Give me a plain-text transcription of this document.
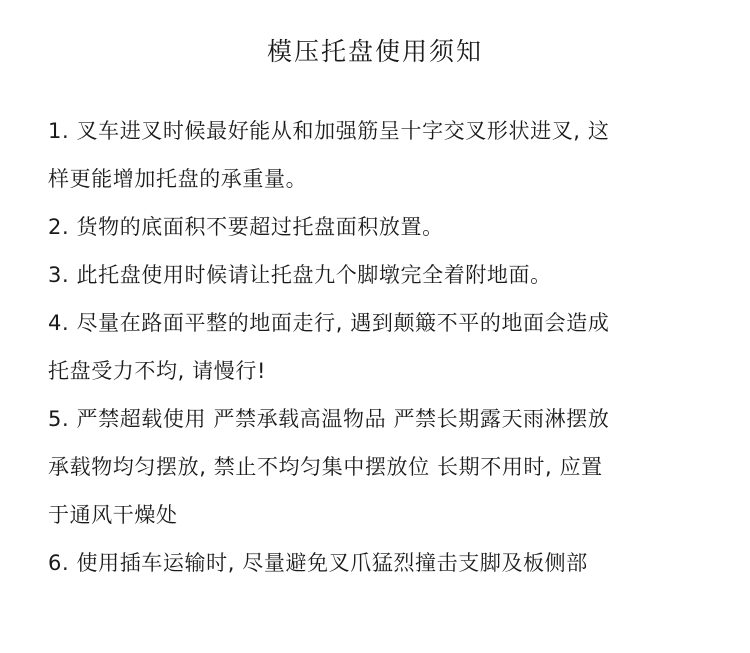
模压托盘使用须知
1. 叉车进叉时候最好能从和加强筋呈十字交叉形状进叉, 这
样更能增加托盘的承重量。
2. 货物的底面积不要超过托盘面积放置。
3. 此托盘使用时候请让托盘九个脚墩完全着附地面。
4. 尽量在路面平整的地面走行, 遇到颠簸不平的地面会造成
托盘受力不均, 请慢行!
5. 严禁超载使用 严禁承载高温物品 严禁长期露天雨淋摆放
承载物均匀摆放, 禁止不均匀集中摆放位 长期不用时, 应置
于通风干燥处
6. 使用插车运输时, 尽量避免叉爪猛烈撞击支脚及板侧部
